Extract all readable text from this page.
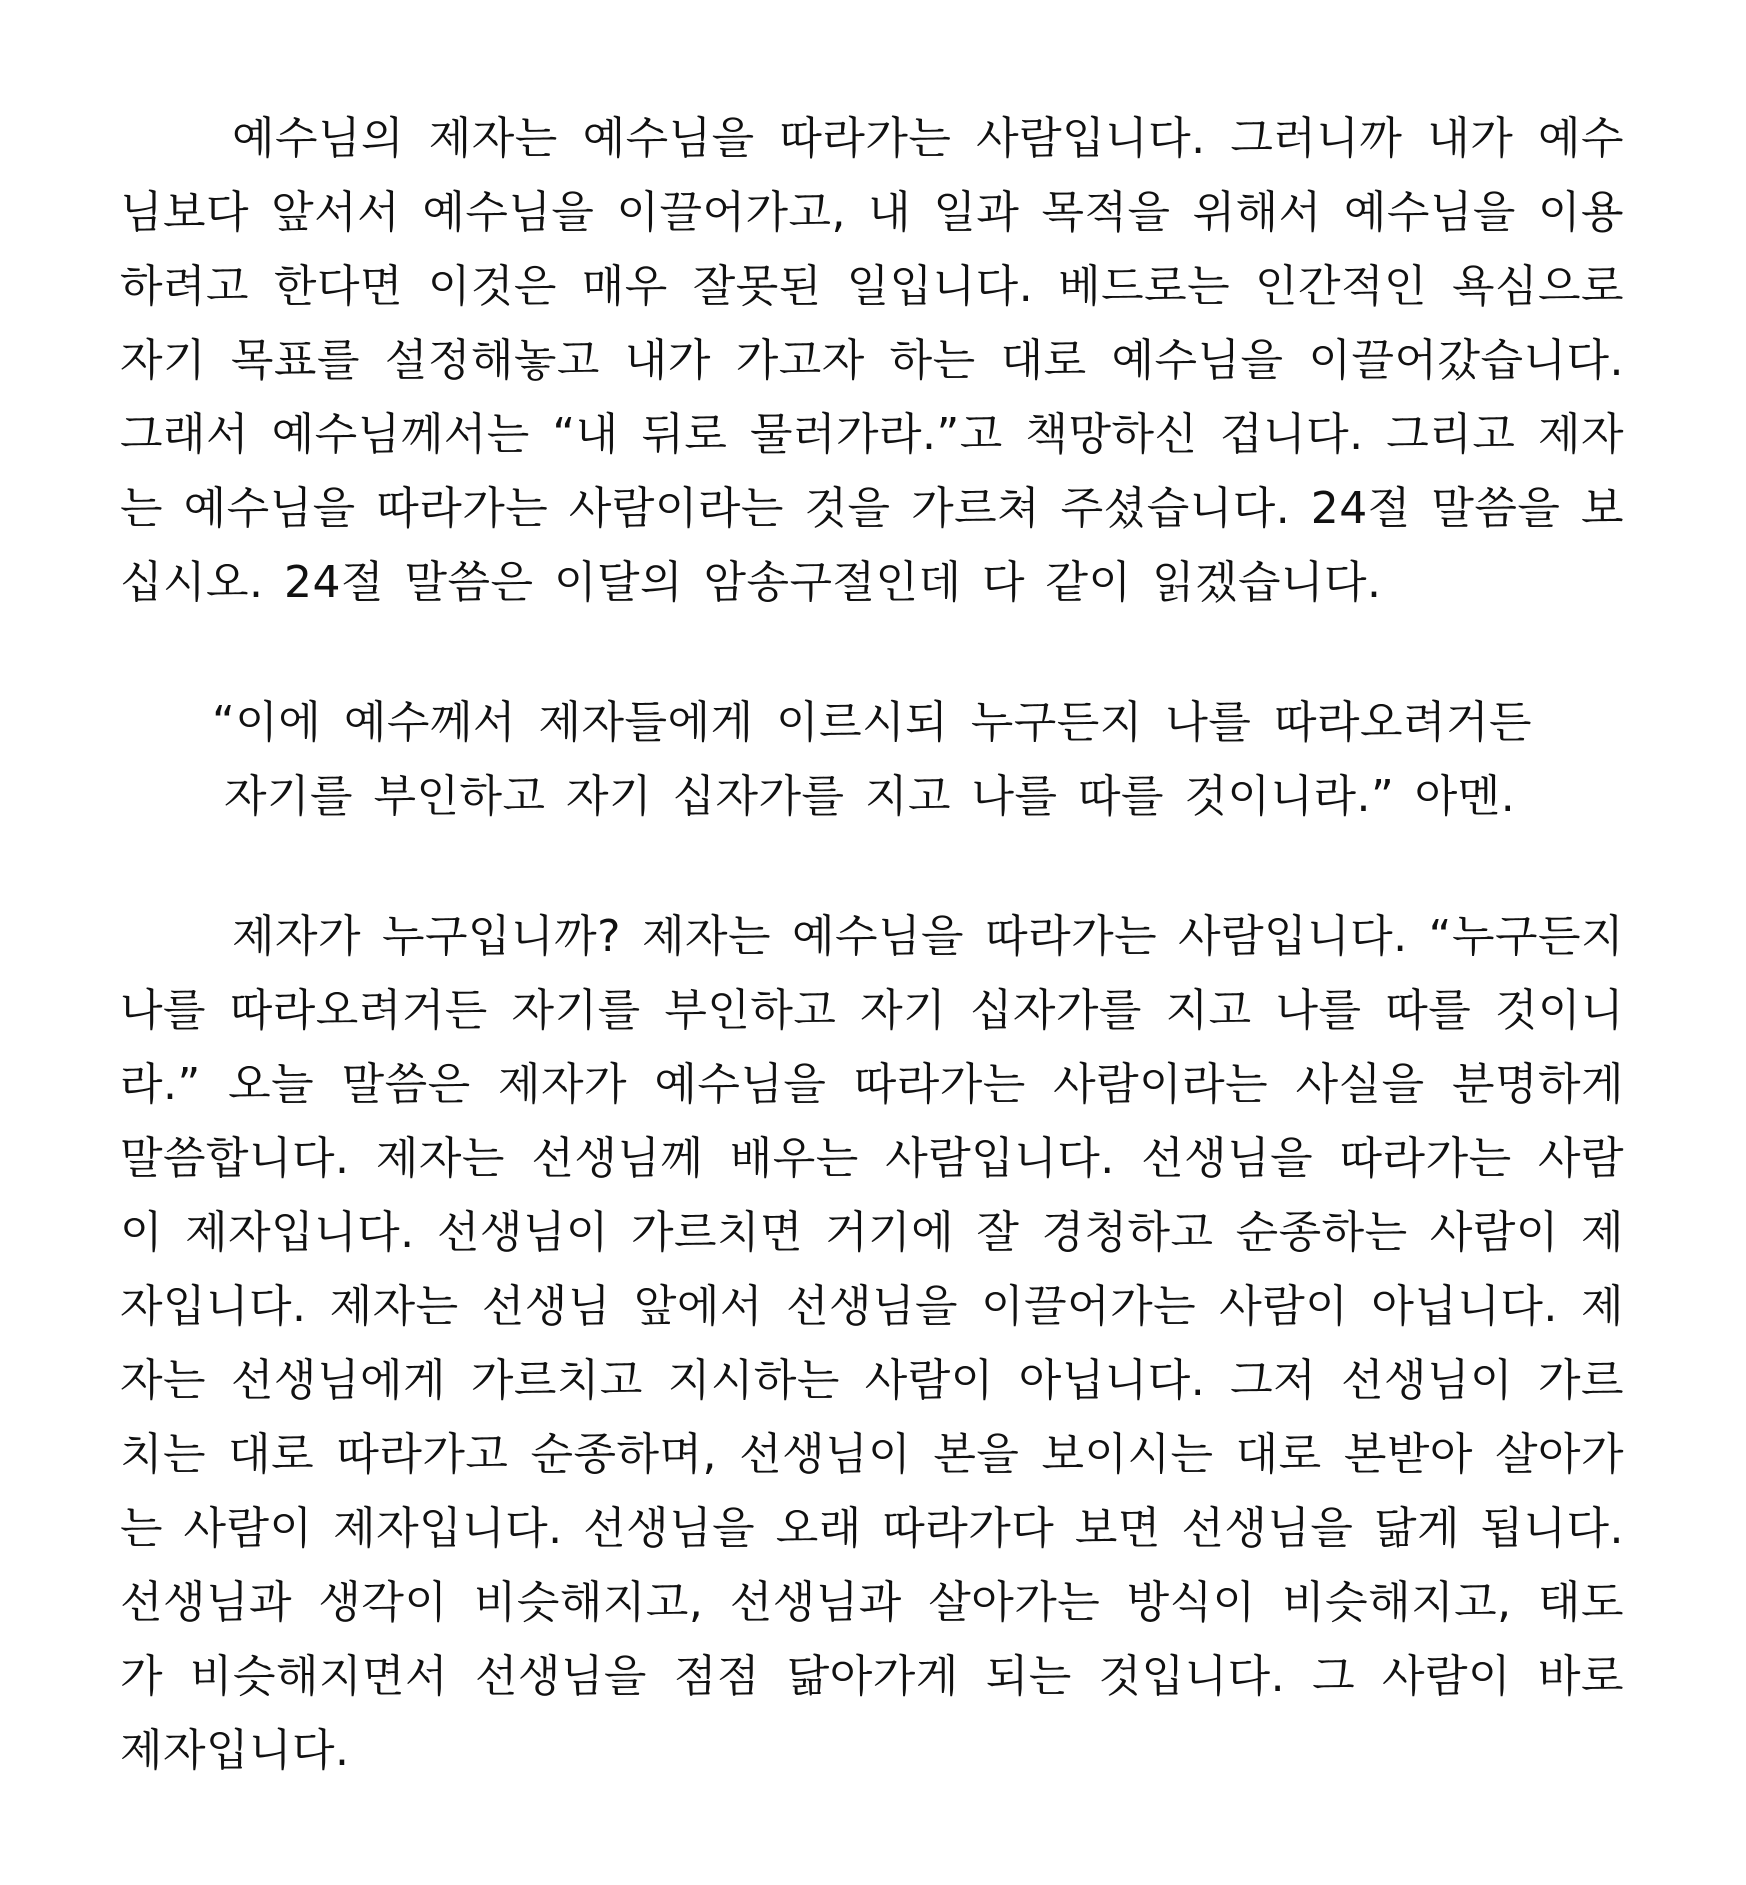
예수님의 제자는 예수님을 따라가는 사람입니다. 그러니까 내가 예수님보다 앞서서 예수님을 이끌어가고, 내 일과 목적을 위해서 예수님을 이용하려고 한다면 이것은 매우 잘못된 일입니다. 베드로는 인간적인 욕심으로 자기 목표를 설정해놓고 내가 가고자 하는 대로 예수님을 이끌어갔습니다. 그래서 예수님께서는 “내 뒤로 물러가라.”고 책망하신 겁니다. 그리고 제자는 예수님을 따라가는 사람이라는 것을 가르쳐 주셨습니다. 24절 말씀을 보십시오. 24절 말씀은 이달의 암송구절인데 다 같이 읽겠습니다.

“이에 예수께서 제자들에게 이르시되 누구든지 나를 따라오려거든
자기를 부인하고 자기 십자가를 지고 나를 따를 것이니라.” 아멘.

제자가 누구입니까? 제자는 예수님을 따라가는 사람입니다. “누구든지 나를 따라오려거든 자기를 부인하고 자기 십자가를 지고 나를 따를 것이니라.” 오늘 말씀은 제자가 예수님을 따라가는 사람이라는 사실을 분명하게 말씀합니다. 제자는 선생님께 배우는 사람입니다. 선생님을 따라가는 사람이 제자입니다. 선생님이 가르치면 거기에 잘 경청하고 순종하는 사람이 제자입니다. 제자는 선생님 앞에서 선생님을 이끌어가는 사람이 아닙니다. 제자는 선생님에게 가르치고 지시하는 사람이 아닙니다. 그저 선생님이 가르치는 대로 따라가고 순종하며, 선생님이 본을 보이시는 대로 본받아 살아가는 사람이 제자입니다. 선생님을 오래 따라가다 보면 선생님을 닮게 됩니다. 선생님과 생각이 비슷해지고, 선생님과 살아가는 방식이 비슷해지고, 태도가 비슷해지면서 선생님을 점점 닮아가게 되는 것입니다. 그 사람이 바로 제자입니다.
